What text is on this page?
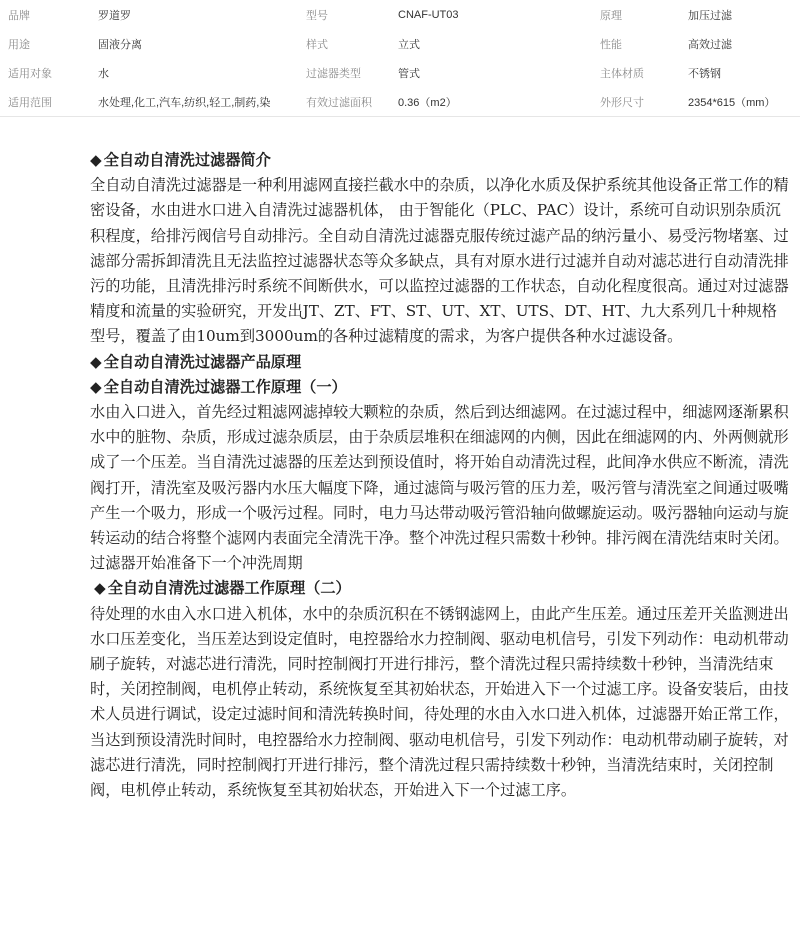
品牌	罗道罗	型号	CNAF-UT03	原理	加压过滤
用途	固液分离	样式	立式	性能	高效过滤
适用对象	水	过滤器类型	管式	主体材质	不锈钢
适用范围	水处理,化工,汽车,纺织,轻工,制药,染	有效过滤面积	0.36（m2）	外形尺寸	2354*615（mm）

◆ 全自动自清洗过滤器简介

全自动自清洗过滤器是一种利用滤网直接拦截水中的杂质，以净化水质及保护系统其他设备正常工作的精密设备，水由进水口进入自清洗过滤器机体， 由于智能化（PLC、PAC）设计，系统可自动识别杂质沉积程度，给排污阀信号自动排污。全自动自清洗过滤器克服传统过滤产品的纳污量小、易受污物堵塞、过滤部分需拆卸清洗且无法监控过滤器状态等众多缺点，具有对原水进行过滤并自动对滤芯进行自动清洗排污的功能，且清洗排污时系统不间断供水，可以监控过滤器的工作状态，自动化程度很高。通过对过滤器精度和流量的实验研究，开发出JT、ZT、FT、ST、UT、XT、UTS、DT、HT、九大系列几十种规格型号，覆盖了由10um到3000um的各种过滤精度的需求，为客户提供各种水过滤设备。

◆ 全自动自清洗过滤器产品原理

◆ 全自动自清洗过滤器工作原理（一）

水由入口进入，首先经过粗滤网滤掉较大颗粒的杂质，然后到达细滤网。在过滤过程中，细滤网逐渐累积水中的脏物、杂质，形成过滤杂质层，由于杂质层堆积在细滤网的内侧，因此在细滤网的内、外两侧就形成了一个压差。当自清洗过滤器的压差达到预设值时，将开始自动清洗过程，此间净水供应不断流，清洗阀打开，清洗室及吸污器内水压大幅度下降，通过滤筒与吸污管的压力差，吸污管与清洗室之间通过吸嘴产生一个吸力，形成一个吸污过程。同时，电力马达带动吸污管沿轴向做螺旋运动。吸污器轴向运动与旋转运动的结合将整个滤网内表面完全清洗干净。整个冲洗过程只需数十秒钟。排污阀在清洗结束时关闭。过滤器开始准备下一个冲洗周期

◆ 全自动自清洗过滤器工作原理（二）

待处理的水由入水口进入机体，水中的杂质沉积在不锈钢滤网上，由此产生压差。通过压差开关监测进出水口压差变化，当压差达到设定值时，电控器给水力控制阀、驱动电机信号，引发下列动作：电动机带动刷子旋转，对滤芯进行清洗，同时控制阀打开进行排污，整个清洗过程只需持续数十秒钟，当清洗结束时，关闭控制阀，电机停止转动，系统恢复至其初始状态，开始进入下一个过滤工序。设备安装后，由技术人员进行调试，设定过滤时间和清洗转换时间，待处理的水由入水口进入机体，过滤器开始正常工作，当达到预设清洗时间时，电控器给水力控制阀、驱动电机信号，引发下列动作：电动机带动刷子旋转，对滤芯进行清洗，同时控制阀打开进行排污，整个清洗过程只需持续数十秒钟，当清洗结束时，关闭控制阀，电机停止转动，系统恢复至其初始状态，开始进入下一个过滤工序。
